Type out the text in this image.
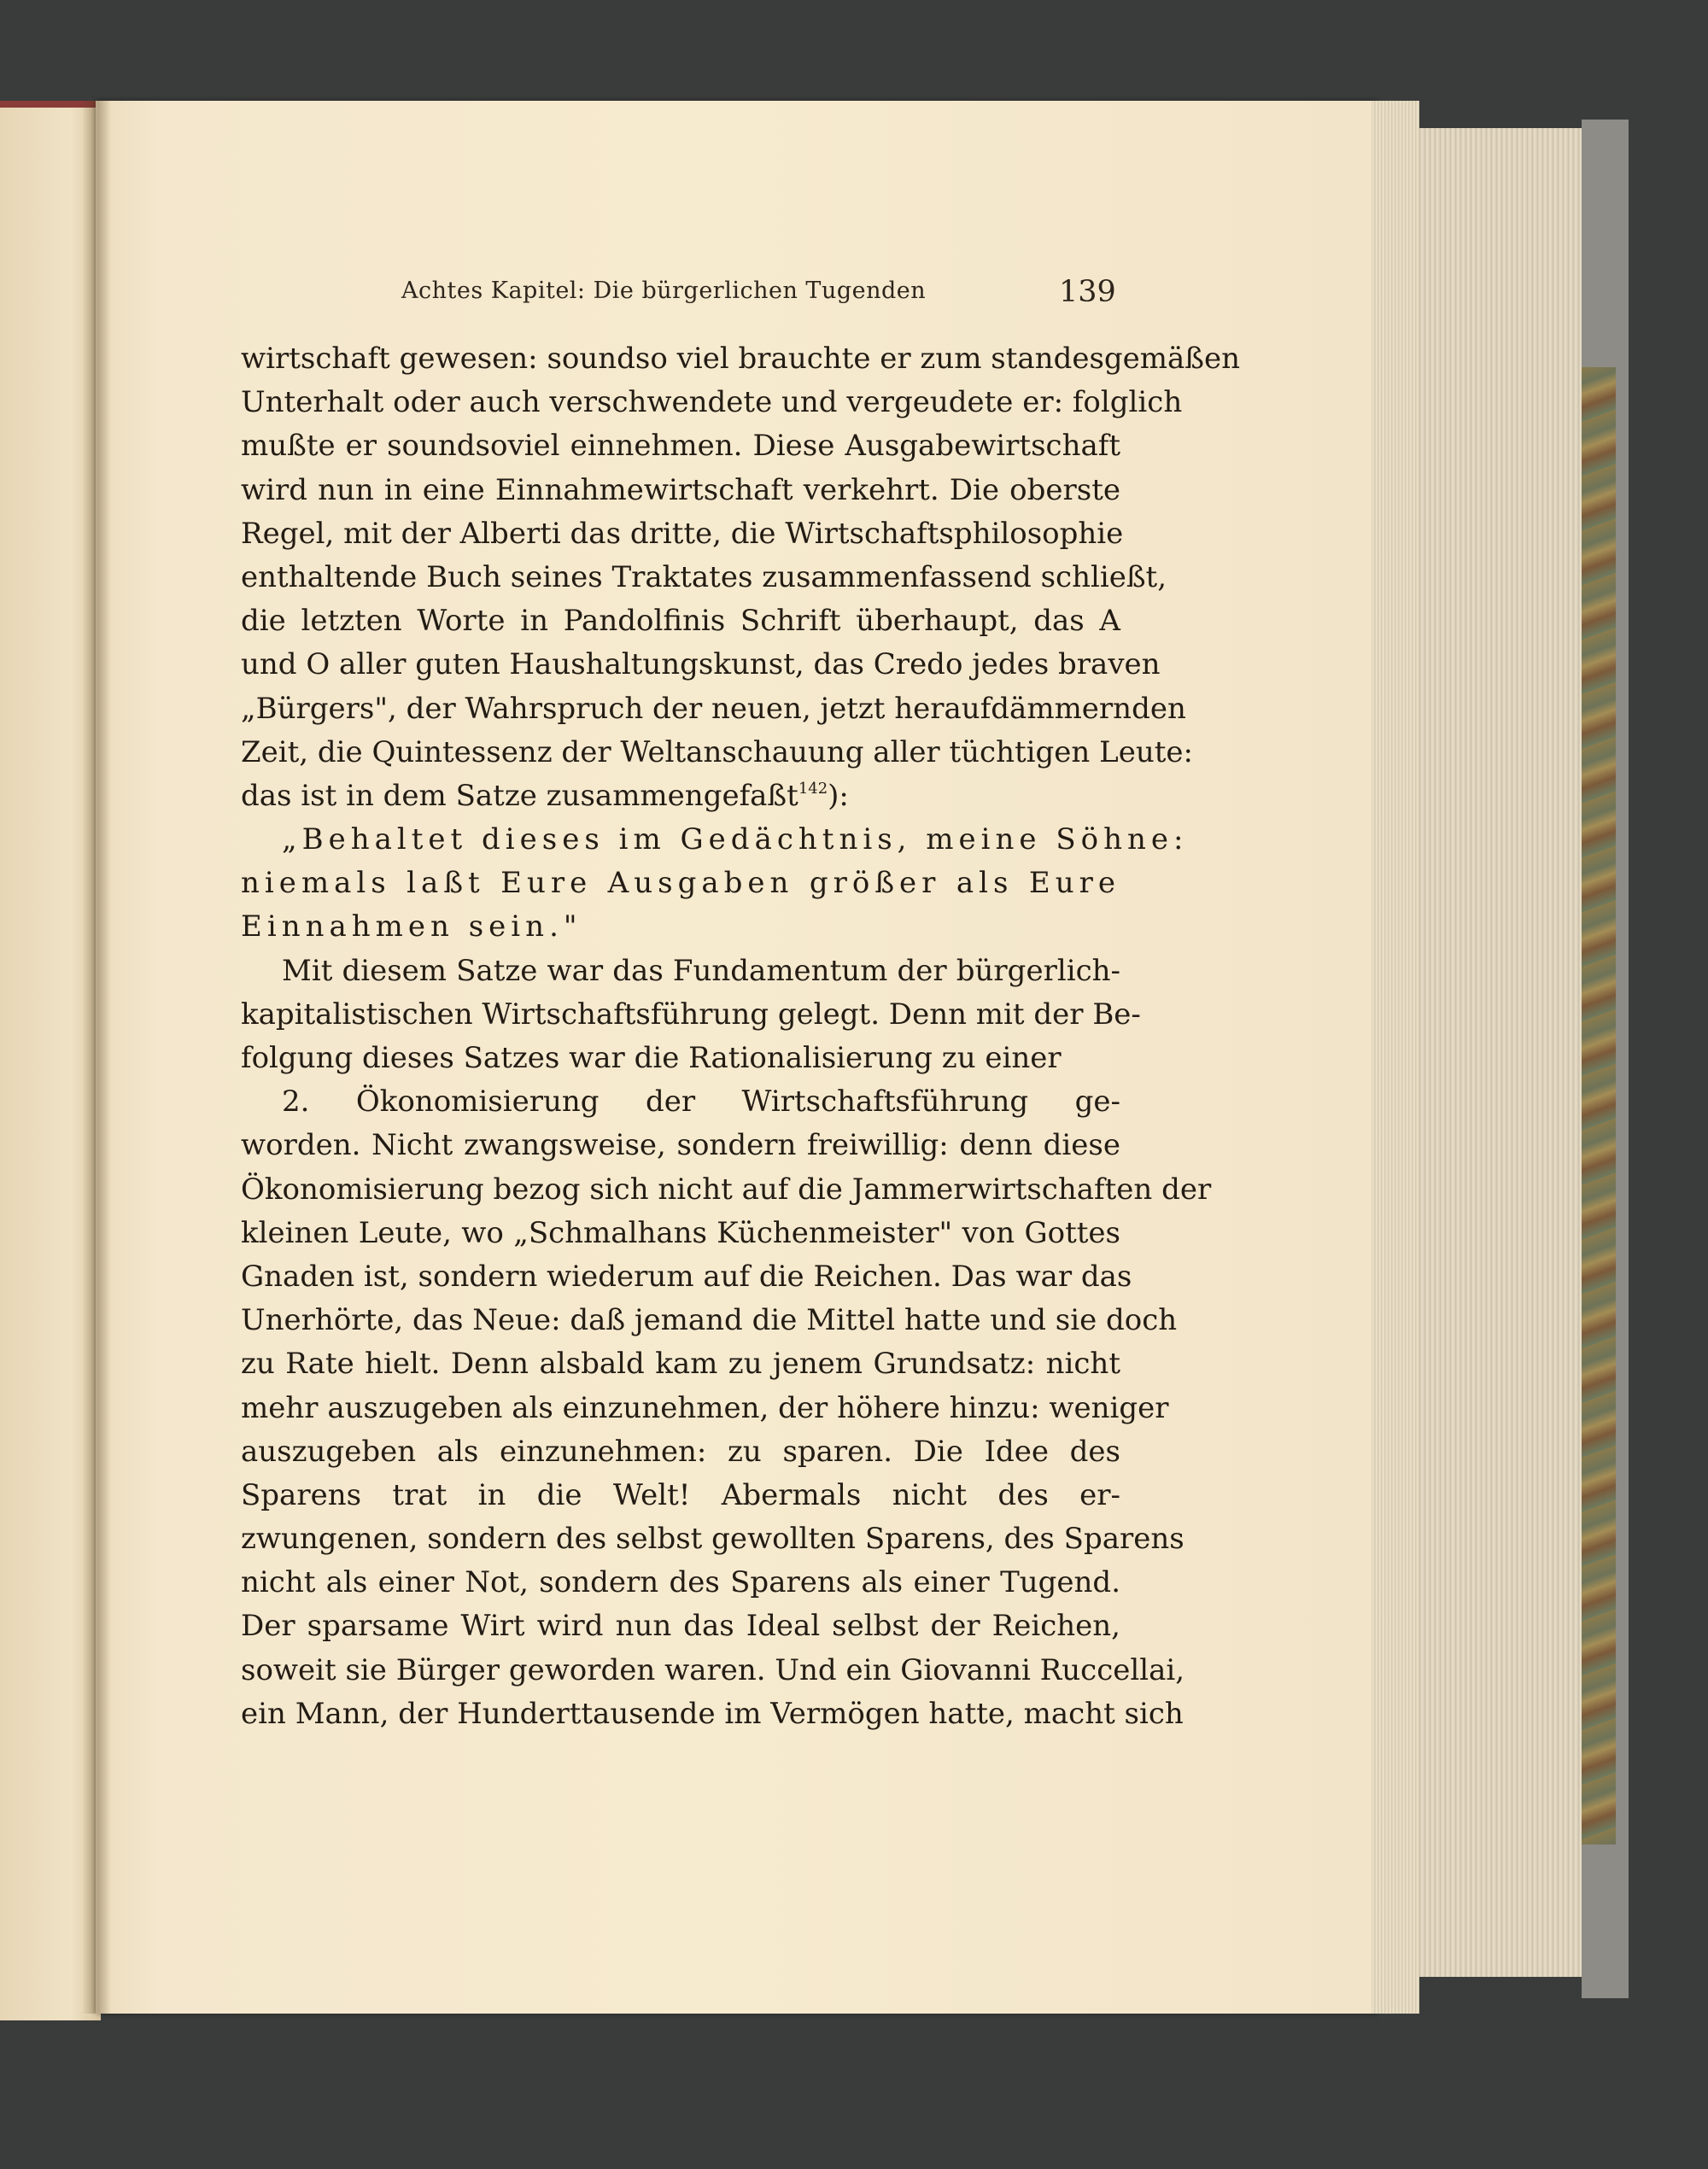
Achtes Kapitel: Die bürgerlichen Tugenden	139
wirtschaft gewesen: soundso viel brauchte er zum standesgemäßen
Unterhalt oder auch verschwendete und vergeudete er: folglich
mußte er soundsoviel einnehmen. Diese Ausgabewirtschaft
wird nun in eine Einnahmewirtschaft verkehrt. Die oberste
Regel, mit der Alberti das dritte, die Wirtschaftsphilosophie
enthaltende Buch seines Traktates zusammenfassend schließt,
die letzten Worte in Pandolfinis Schrift überhaupt, das A
und O aller guten Haushaltungskunst, das Credo jedes braven
„Bürgers", der Wahrspruch der neuen, jetzt heraufdämmernden
Zeit, die Quintessenz der Weltanschauung aller tüchtigen Leute:
das ist in dem Satze zusammengefaßt$^{142}$):
„Behaltet dieses im Gedächtnis, meine Söhne:
niemals laßt Eure Ausgaben größer als Eure
Einnahmen sein."
Mit diesem Satze war das Fundamentum der bürgerlich-
kapitalistischen Wirtschaftsführung gelegt. Denn mit der Be-
folgung dieses Satzes war die Rationalisierung zu einer
2. Ökonomisierung der Wirtschaftsführung ge-
worden. Nicht zwangsweise, sondern freiwillig: denn diese
Ökonomisierung bezog sich nicht auf die Jammerwirtschaften der
kleinen Leute, wo „Schmalhans Küchenmeister" von Gottes
Gnaden ist, sondern wiederum auf die Reichen. Das war das
Unerhörte, das Neue: daß jemand die Mittel hatte und sie doch
zu Rate hielt. Denn alsbald kam zu jenem Grundsatz: nicht
mehr auszugeben als einzunehmen, der höhere hinzu: weniger
auszugeben als einzunehmen: zu sparen. Die Idee des
Sparens trat in die Welt! Abermals nicht des er-
zwungenen, sondern des selbst gewollten Sparens, des Sparens
nicht als einer Not, sondern des Sparens als einer Tugend.
Der sparsame Wirt wird nun das Ideal selbst der Reichen,
soweit sie Bürger geworden waren. Und ein Giovanni Ruccellai,
ein Mann, der Hunderttausende im Vermögen hatte, macht sich
